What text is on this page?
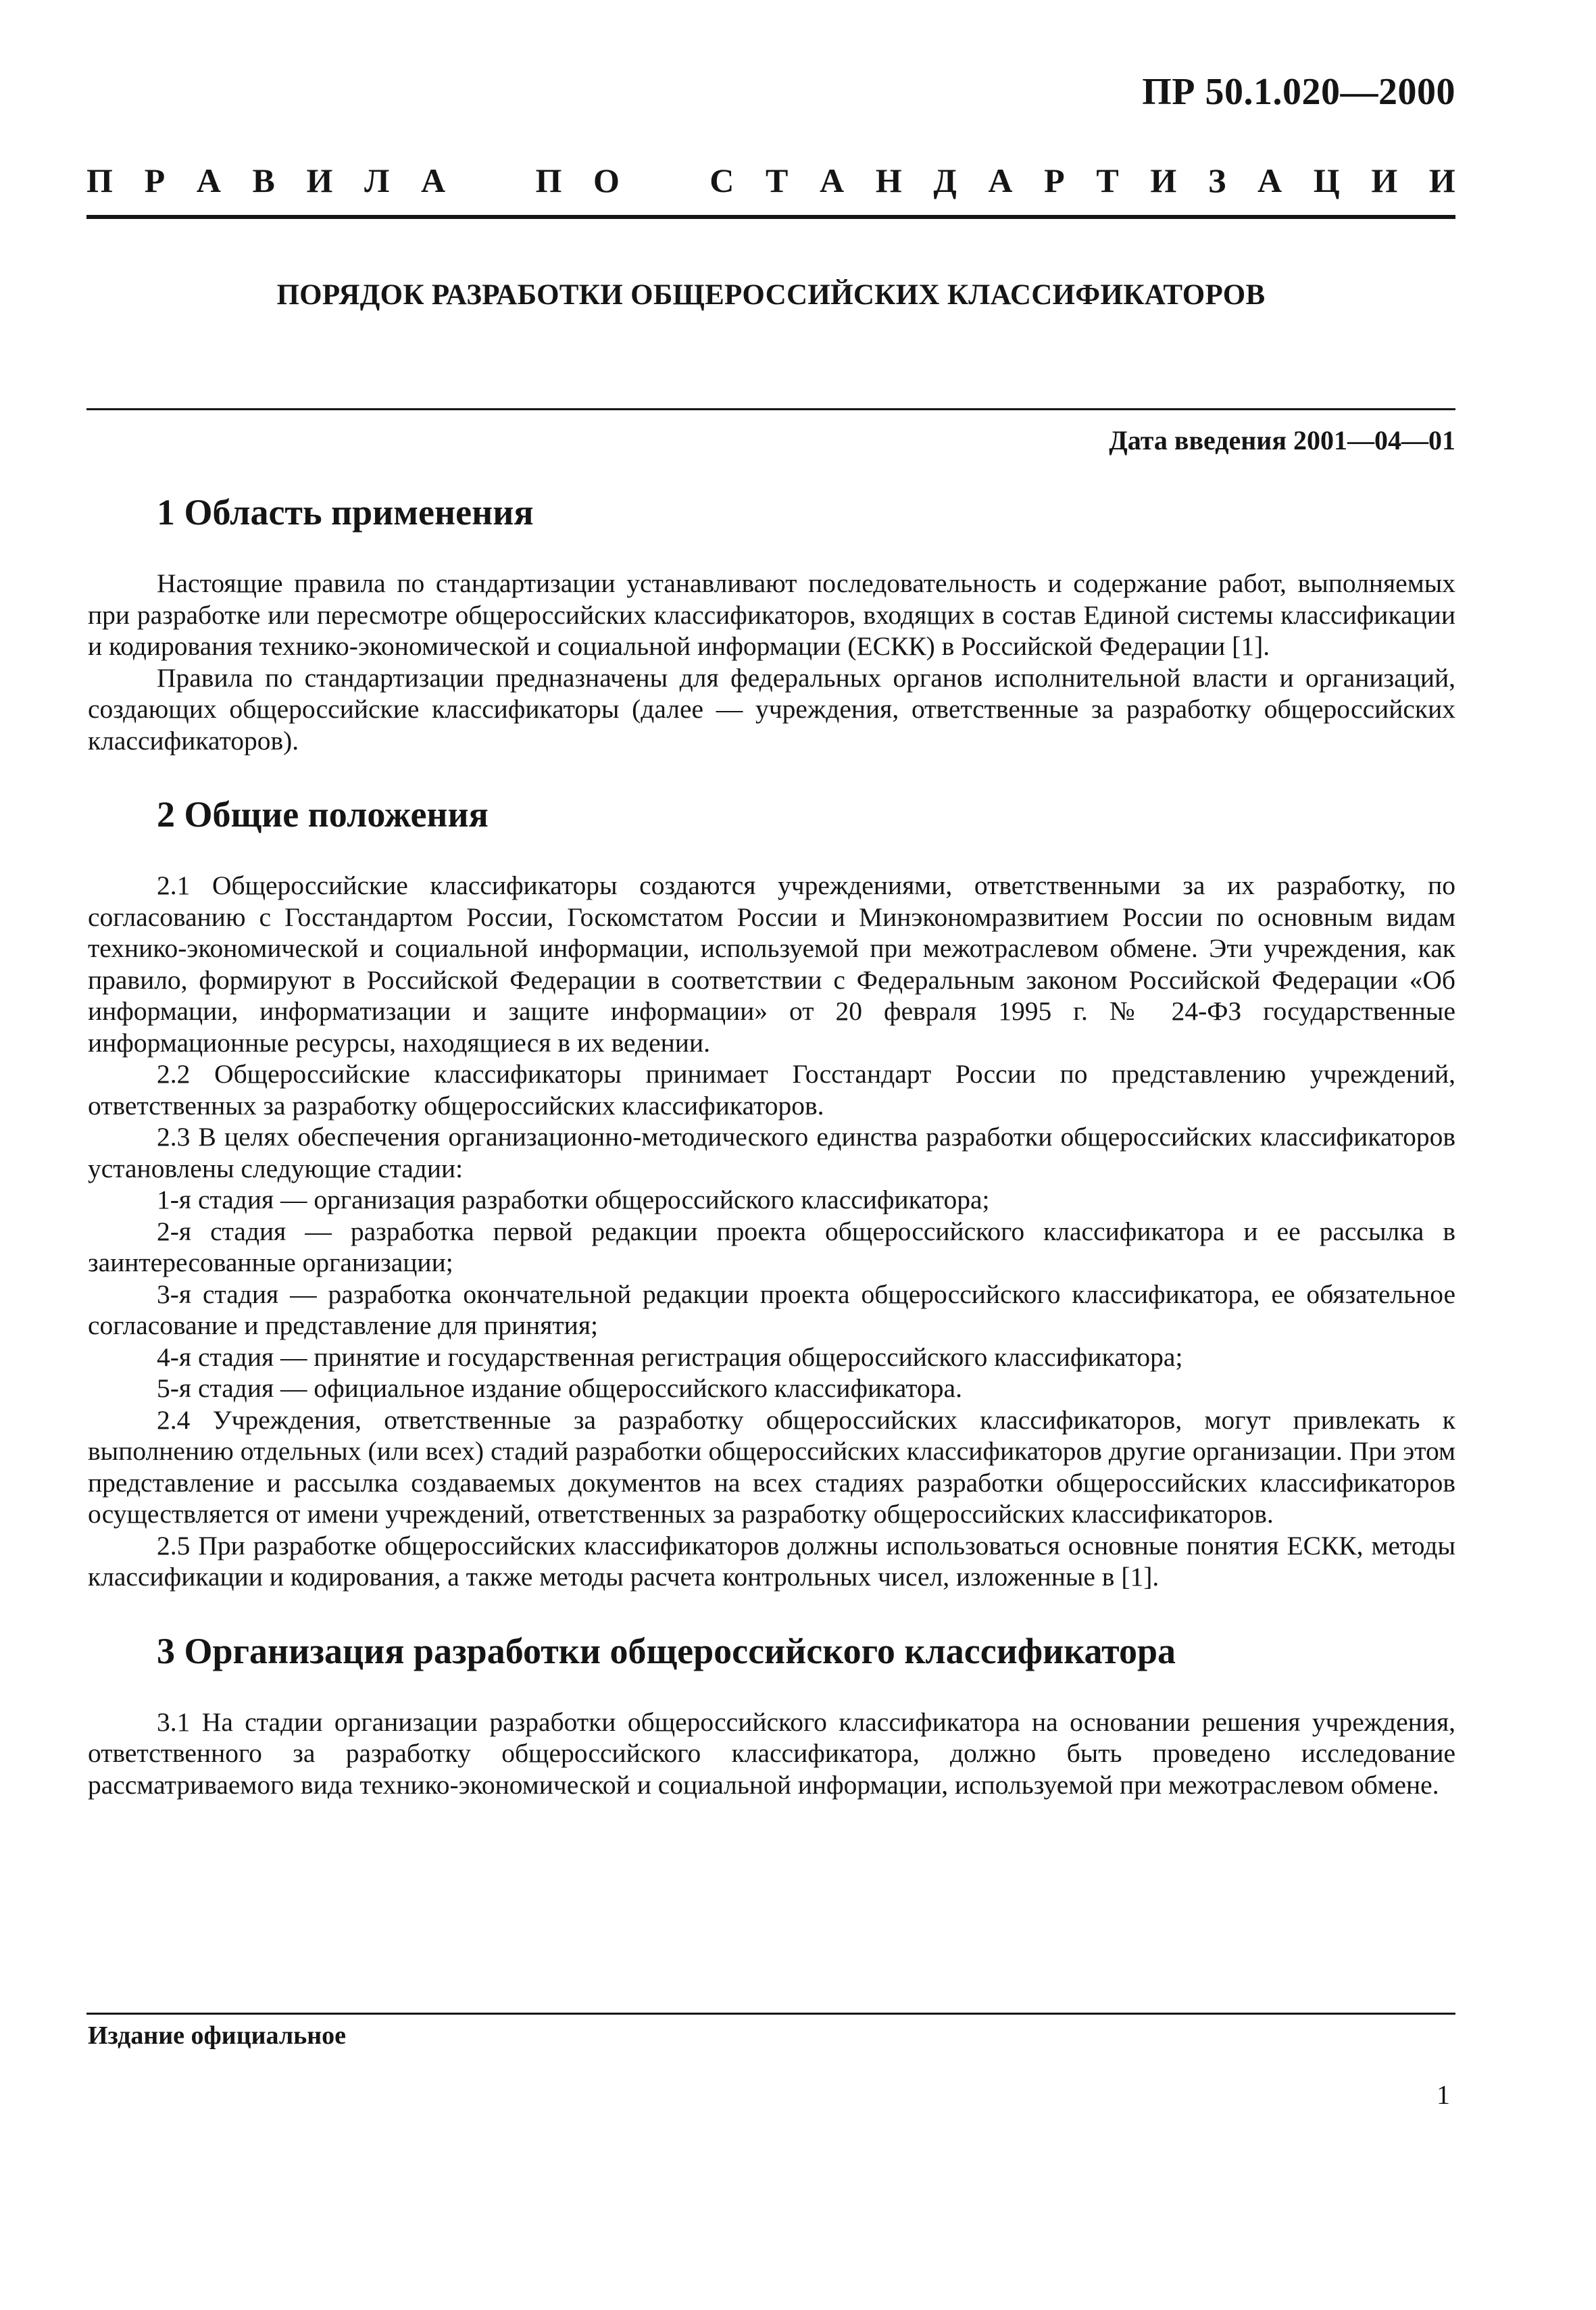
ПР 50.1.020—2000
П Р А В И Л А	П О	С Т А Н Д А Р Т И З А Ц И И
ПОРЯДОК РАЗРАБОТКИ ОБЩЕРОССИЙСКИХ КЛАССИФИКАТОРОВ
Дата введения 2001—04—01
1 Область применения

Настоящие правила по стандартизации устанавливают последовательность и содержание работ, выполняемых при разработке или пересмотре общероссийских классификаторов, входящих в состав Единой системы классификации и кодирования технико-экономической и социальной информации (ЕСКК) в Российской Федерации [1].

Правила по стандартизации предназначены для федеральных органов исполнительной власти и организаций, создающих общероссийские классификаторы (далее — учреждения, ответственные за разработку общероссийских классификаторов).

2 Общие положения

2.1 Общероссийские классификаторы создаются учреждениями, ответственными за их разработку, по согласованию с Госстандартом России, Госкомстатом России и Минэкономразвитием России по основным видам технико-экономической и социальной информации, используемой при межотраслевом обмене. Эти учреждения, как правило, формируют в Российской Федерации в соответствии с Федеральным законом Российской Федерации «Об информации, информатизации и защите информации» от 20 февраля 1995 г. № 24-ФЗ государственные информационные ресурсы, находящиеся в их ведении.

2.2 Общероссийские классификаторы принимает Госстандарт России по представлению учреждений, ответственных за разработку общероссийских классификаторов.

2.3 В целях обеспечения организационно-методического единства разработки общероссийских классификаторов установлены следующие стадии:

1-я стадия — организация разработки общероссийского классификатора;

2-я стадия — разработка первой редакции проекта общероссийского классификатора и ее рассылка в заинтересованные организации;

3-я стадия — разработка окончательной редакции проекта общероссийского классификатора, ее обязательное согласование и представление для принятия;

4-я стадия — принятие и государственная регистрация общероссийского классификатора;

5-я стадия — официальное издание общероссийского классификатора.

2.4 Учреждения, ответственные за разработку общероссийских классификаторов, могут привлекать к выполнению отдельных (или всех) стадий разработки общероссийских классификаторов другие организации. При этом представление и рассылка создаваемых документов на всех стадиях разработки общероссийских классификаторов осуществляется от имени учреждений, ответственных за разработку общероссийских классификаторов.

2.5 При разработке общероссийских классификаторов должны использоваться основные понятия ЕСКК, методы классификации и кодирования, а также методы расчета контрольных чисел, изложенные в [1].

3 Организация разработки общероссийского классификатора

3.1 На стадии организации разработки общероссийского классификатора на основании решения учреждения, ответственного за разработку общероссийского классификатора, должно быть проведено исследование рассматриваемого вида технико-экономической и социальной информации, используемой при межотраслевом обмене.

Издание официальное
1
